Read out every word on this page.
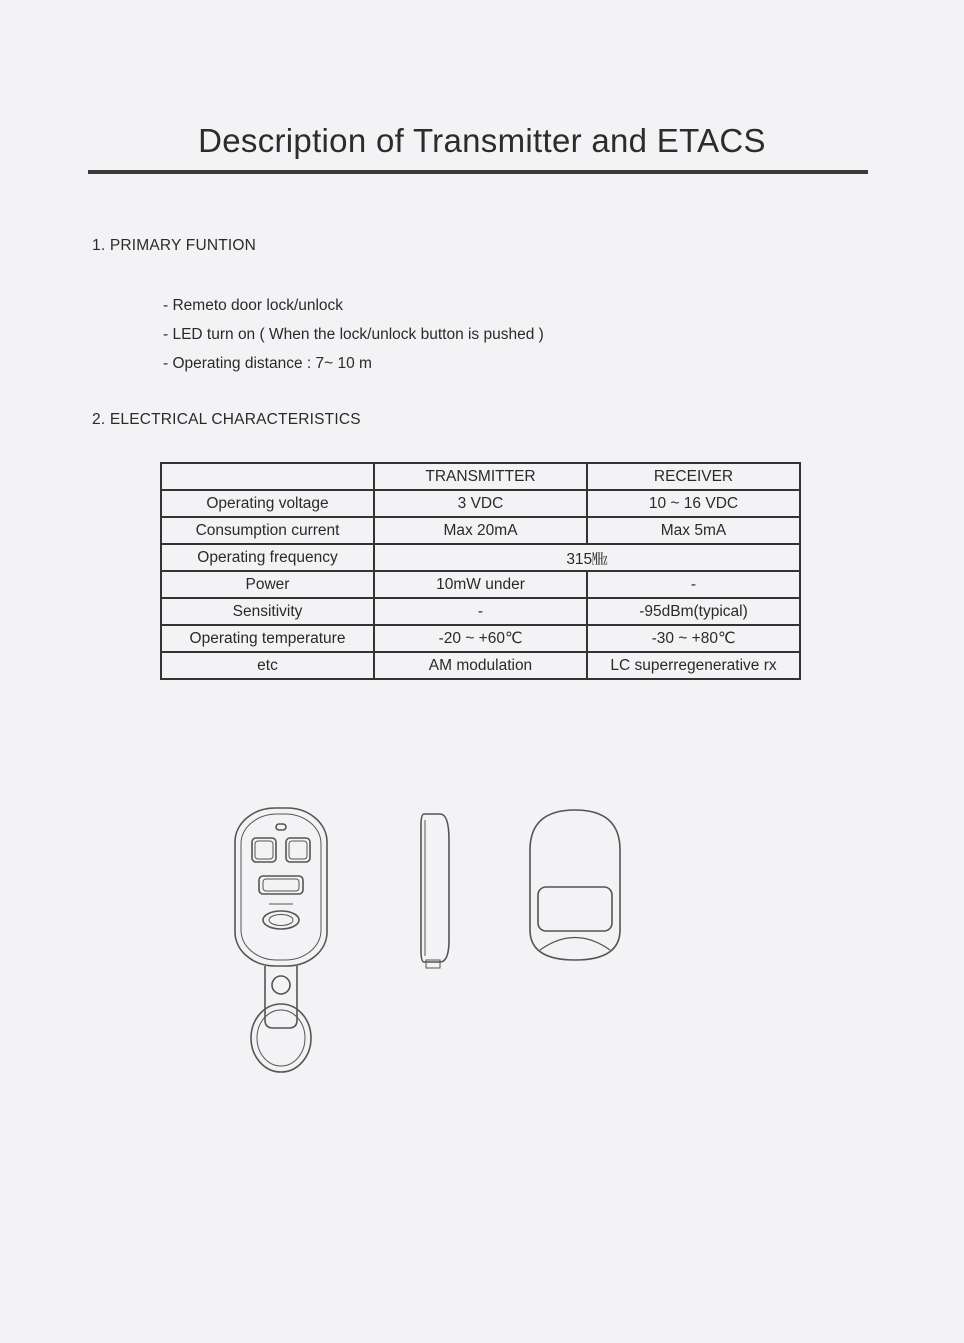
Description of Transmitter and ETACS
1. PRIMARY FUNTION
- Remeto door lock/unlock
- LED turn on ( When the lock/unlock button is pushed )
- Operating distance : 7~ 10 m
2. ELECTRICAL CHARACTERISTICS
	TRANSMITTER	RECEIVER
Operating voltage	3 VDC	10 ~ 16 VDC
Consumption current	Max 20mA	Max 5mA
Operating frequency	315㎒	
Power	10mW under	-
Sensitivity	-	-95dBm(typical)
Operating temperature	-20 ~ +60℃	-30 ~ +80℃
etc	AM modulation	LC superregenerative rx
